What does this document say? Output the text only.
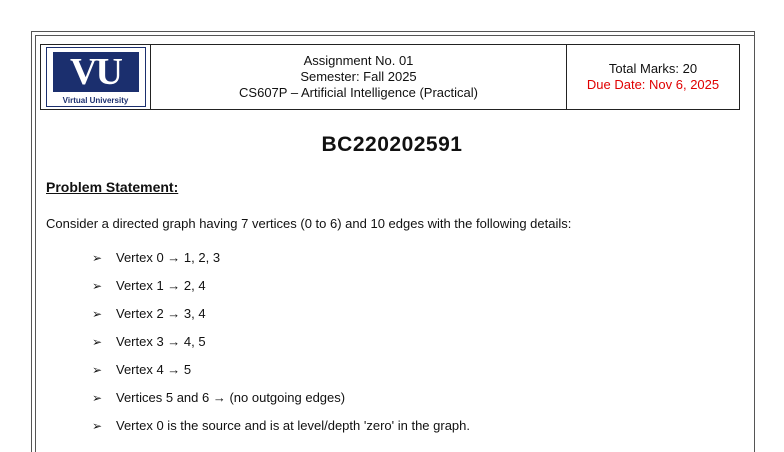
VU
Virtual University
Assignment No. 01
Semester: Fall 2025
CS607P – Artificial Intelligence (Practical)
Total Marks: 20
Due Date: Nov 6, 2025
BC220202591
Problem Statement:
Consider a directed graph having 7 vertices (0 to 6) and 10 edges with the following details:
➢ Vertex 0 → 1, 2, 3
➢ Vertex 1 → 2, 4
➢ Vertex 2 → 3, 4
➢ Vertex 3 → 4, 5
➢ Vertex 4 → 5
➢ Vertices 5 and 6 → (no outgoing edges)
➢ Vertex 0 is the source and is at level/depth 'zero' in the graph.
